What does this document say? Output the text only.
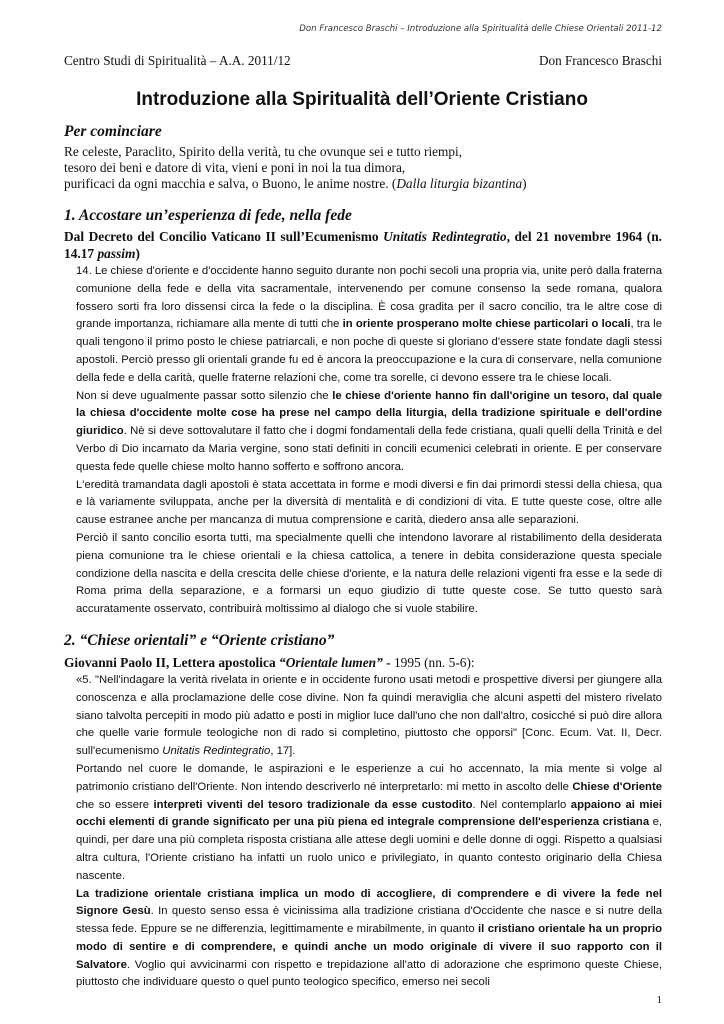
Don Francesco Braschi – Introduzione alla Spiritualità delle Chiese Orientali 2011-12
Centro Studi di Spiritualità – A.A. 2011/12	Don Francesco Braschi
Introduzione alla Spiritualità dell’Oriente Cristiano
Per cominciare
Re celeste, Paraclito, Spirito della verità, tu che ovunque sei e tutto riempi,
tesoro dei beni e datore di vita, vieni e poni in noi la tua dimora,
purificaci da ogni macchia e salva, o Buono, le anime nostre. (Dalla liturgia bizantina)
1. Accostare un’esperienza di fede, nella fede
Dal Decreto del Concilio Vaticano II sull’Ecumenismo Unitatis Redintegratio, del 21 novembre 1964 (n. 14.17 passim)

14. Le chiese d'oriente e d'occidente hanno seguito durante non pochi secoli una propria via, unite però dalla fraterna comunione della fede e della vita sacramentale, intervenendo per comune consenso la sede romana, qualora fossero sorti fra loro dissensi circa la fede o la disciplina. È cosa gradita per il sacro concilio, tra le altre cose di grande importanza, richiamare alla mente di tutti che in oriente prosperano molte chiese particolari o locali, tra le quali tengono il primo posto le chiese patriarcali, e non poche di queste si gloriano d'essere state fondate dagli stessi apostoli. Perciò presso gli orientali grande fu ed è ancora la preoccupazione e la cura di conservare, nella comunione della fede e della carità, quelle fraterne relazioni che, come tra sorelle, ci devono essere tra le chiese locali.

Non si deve ugualmente passar sotto silenzio che le chiese d'oriente hanno fin dall'origine un tesoro, dal quale la chiesa d'occidente molte cose ha prese nel campo della liturgia, della tradizione spirituale e dell'ordine giuridico. Nè si deve sottovalutare il fatto che i dogmi fondamentali della fede cristiana, quali quelli della Trinità e del Verbo di Dio incarnato da Maria vergine, sono stati definiti in concili ecumenici celebrati in oriente. E per conservare questa fede quelle chiese molto hanno sofferto e soffrono ancora.

L'eredità tramandata dagli apostoli è stata accettata in forme e modi diversi e fin dai primordi stessi della chiesa, qua e là variamente sviluppata, anche per la diversità di mentalità e di condizioni di vita. E tutte queste cose, oltre alle cause estranee anche per mancanza di mutua comprensione e carità, diedero ansa alle separazioni.

Perciò il santo concilio esorta tutti, ma specialmente quelli che intendono lavorare al ristabilimento della desiderata piena comunione tra le chiese orientali e la chiesa cattolica, a tenere in debita considerazione questa speciale condizione della nascita e della crescita delle chiese d'oriente, e la natura delle relazioni vigenti fra esse e la sede di Roma prima della separazione, e a formarsi un equo giudizio di tutte queste cose. Se tutto questo sarà accuratamente osservato, contribuirà moltissimo al dialogo che si vuole stabilire.

2. “Chiese orientali” e “Oriente cristiano”
Giovanni Paolo II, Lettera apostolica “Orientale lumen” - 1995 (nn. 5-6):

«5. "Nell'indagare la verità rivelata in oriente e in occidente furono usati metodi e prospettive diversi per giungere alla conoscenza e alla proclamazione delle cose divine. Non fa quindi meraviglia che alcuni aspetti del mistero rivelato siano talvolta percepiti in modo più adatto e posti in miglior luce dall'uno che non dall'altro, cosicché si può dire allora che quelle varie formule teologiche non di rado si completino, piuttosto che opporsi" [Conc. Ecum. Vat. II, Decr. sull'ecumenismo Unitatis Redintegratio, 17].

Portando nel cuore le domande, le aspirazioni e le esperienze a cui ho accennato, la mia mente si volge al patrimonio cristiano dell'Oriente. Non intendo descriverlo né interpretarlo: mi metto in ascolto delle Chiese d'Oriente che so essere interpreti viventi del tesoro tradizionale da esse custodito. Nel contemplarlo appaiono ai miei occhi elementi di grande significato per una più piena ed integrale comprensione dell'esperienza cristiana e, quindi, per dare una più completa risposta cristiana alle attese degli uomini e delle donne di oggi. Rispetto a qualsiasi altra cultura, l'Oriente cristiano ha infatti un ruolo unico e privilegiato, in quanto contesto originario della Chiesa nascente.

La tradizione orientale cristiana implica un modo di accogliere, di comprendere e di vivere la fede nel Signore Gesù. In questo senso essa è vicinissima alla tradizione cristiana d'Occidente che nasce e si nutre della stessa fede. Eppure se ne differenzia, legittimamente e mirabilmente, in quanto il cristiano orientale ha un proprio modo di sentire e di comprendere, e quindi anche un modo originale di vivere il suo rapporto con il Salvatore. Voglio qui avvicinarmi con rispetto e trepidazione all'atto di adorazione che esprimono queste Chiese, piuttosto che individuare questo o quel punto teologico specifico, emerso nei secoli

1
